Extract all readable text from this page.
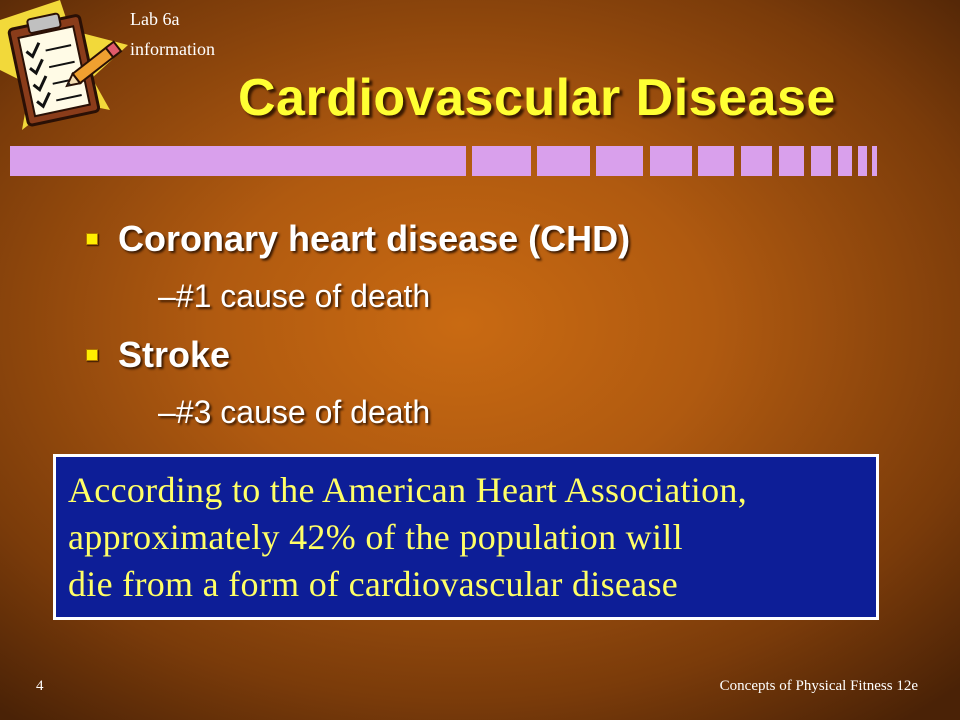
Lab 6a
information
Cardiovascular Disease
Coronary heart disease (CHD)
–#1 cause of death
Stroke
–#3 cause of death
According to the American Heart Association,
approximately 42% of the population will
die from a form of cardiovascular disease
4	Concepts of Physical Fitness 12e
